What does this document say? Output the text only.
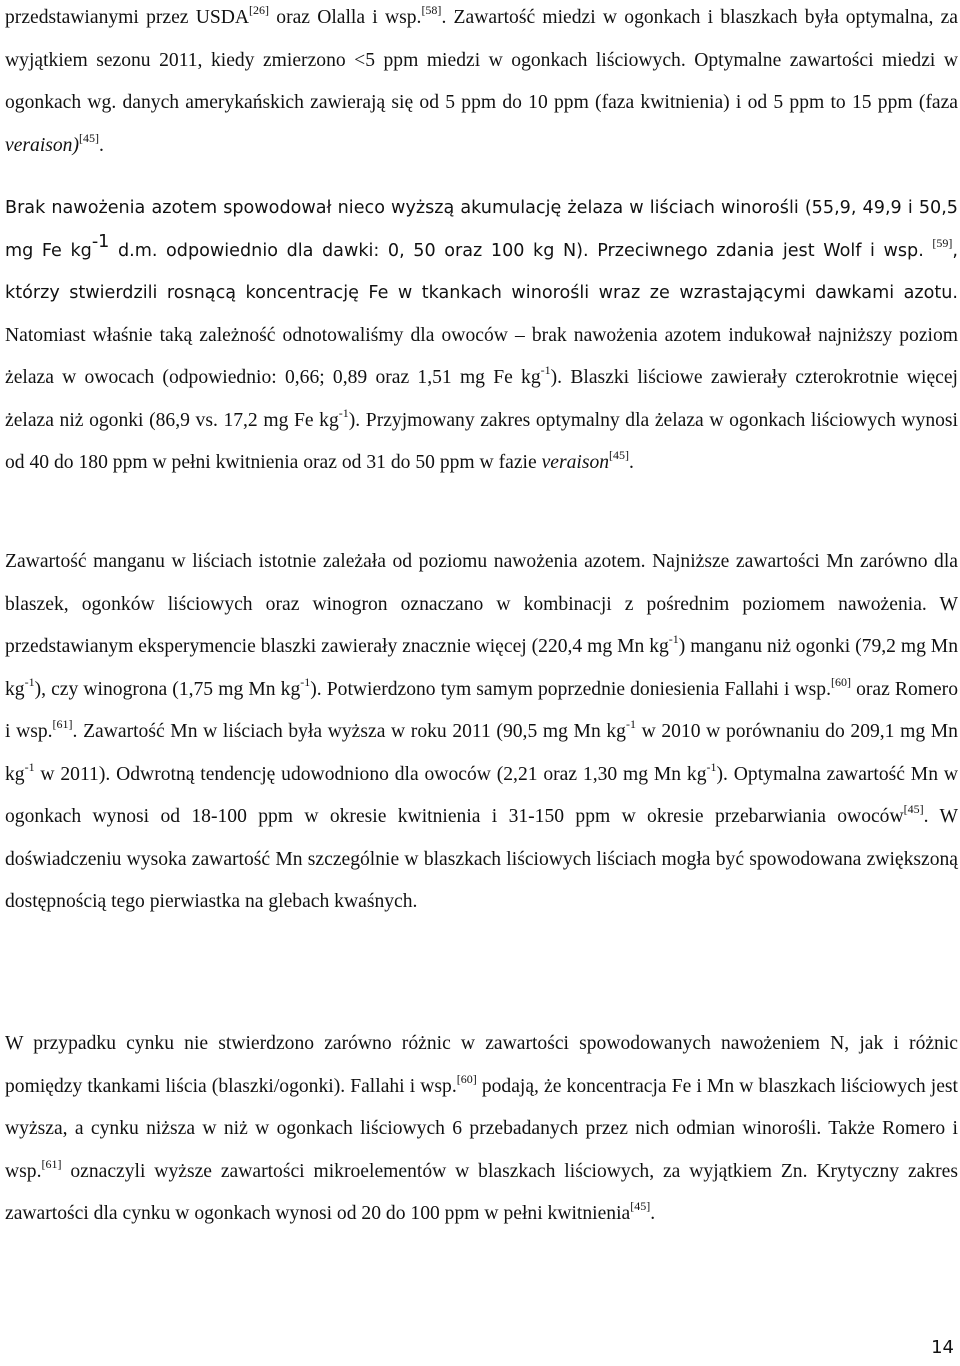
przedstawianymi przez USDA[26] oraz Olalla i wsp.[58]. Zawartość miedzi w ogonkach i blaszkach była optymalna, za wyjątkiem sezonu 2011, kiedy zmierzono <5 ppm miedzi w ogonkach liściowych. Optymalne zawartości miedzi w ogonkach wg. danych amerykańskich zawierają się od 5 ppm do 10 ppm (faza kwitnienia) i od 5 ppm to 15 ppm (faza veraison)[45].

Brak nawożenia azotem spowodował nieco wyższą akumulację żelaza w liściach winorośli (55,9, 49,9 i 50,5 mg Fe $kg^{-1}$ d.m. odpowiednio dla dawki: 0, 50 oraz 100 kg N). Przeciwnego zdania jest Wolf i wsp. [59], którzy stwierdzili rosnącą koncentrację Fe w tkankach winorośli wraz ze wzrastającymi dawkami azotu. Natomiast właśnie taką zależność odnotowaliśmy dla owoców – brak nawożenia azotem indukował najniższy poziom żelaza w owocach (odpowiednio: 0,66; 0,89 oraz 1,51 mg Fe $kg^{-1}$). Blaszki liściowe zawierały czterokrotnie więcej żelaza niż ogonki (86,9 vs. 17,2 mg Fe $kg^{-1}$). Przyjmowany zakres optymalny dla żelaza w ogonkach liściowych wynosi od 40 do 180 ppm w pełni kwitnienia oraz od 31 do 50 ppm w fazie veraison[45].

Zawartość manganu w liściach istotnie zależała od poziomu nawożenia azotem. Najniższe zawartości Mn zarówno dla blaszek, ogonków liściowych oraz winogron oznaczano w kombinacji z pośrednim poziomem nawożenia. W przedstawianym eksperymencie blaszki zawierały znacznie więcej (220,4 mg Mn $kg^{-1}$) manganu niż ogonki (79,2 mg Mn $kg^{-1}$), czy winogrona (1,75 mg Mn $kg^{-1}$). Potwierdzono tym samym poprzednie doniesienia Fallahi i wsp.[60] oraz Romero i wsp.[61]. Zawartość Mn w liściach była wyższa w roku 2011 (90,5 mg Mn $kg^{-1}$ w 2010 w porównaniu do 209,1 mg Mn $kg^{-1}$ w 2011). Odwrotną tendencję udowodniono dla owoców (2,21 oraz 1,30 mg Mn $kg^{-1}$). Optymalna zawartość Mn w ogonkach wynosi od 18-100 ppm w okresie kwitnienia i 31-150 ppm w okresie przebarwiania owoców[45]. W doświadczeniu wysoka zawartość Mn szczególnie w blaszkach liściowych liściach mogła być spowodowana zwiększoną dostępnością tego pierwiastka na glebach kwaśnych.

W przypadku cynku nie stwierdzono zarówno różnic w zawartości spowodowanych nawożeniem N, jak i różnic pomiędzy tkankami liścia (blaszki/ogonki). Fallahi i wsp.[60] podają, że koncentracja Fe i Mn w blaszkach liściowych jest wyższa, a cynku niższa w niż w ogonkach liściowych 6 przebadanych przez nich odmian winorośli. Także Romero i wsp.[61] oznaczyli wyższe zawartości mikroelementów w blaszkach liściowych, za wyjątkiem Zn. Krytyczny zakres zawartości dla cynku w ogonkach wynosi od 20 do 100 ppm w pełni kwitnienia[45].

14
